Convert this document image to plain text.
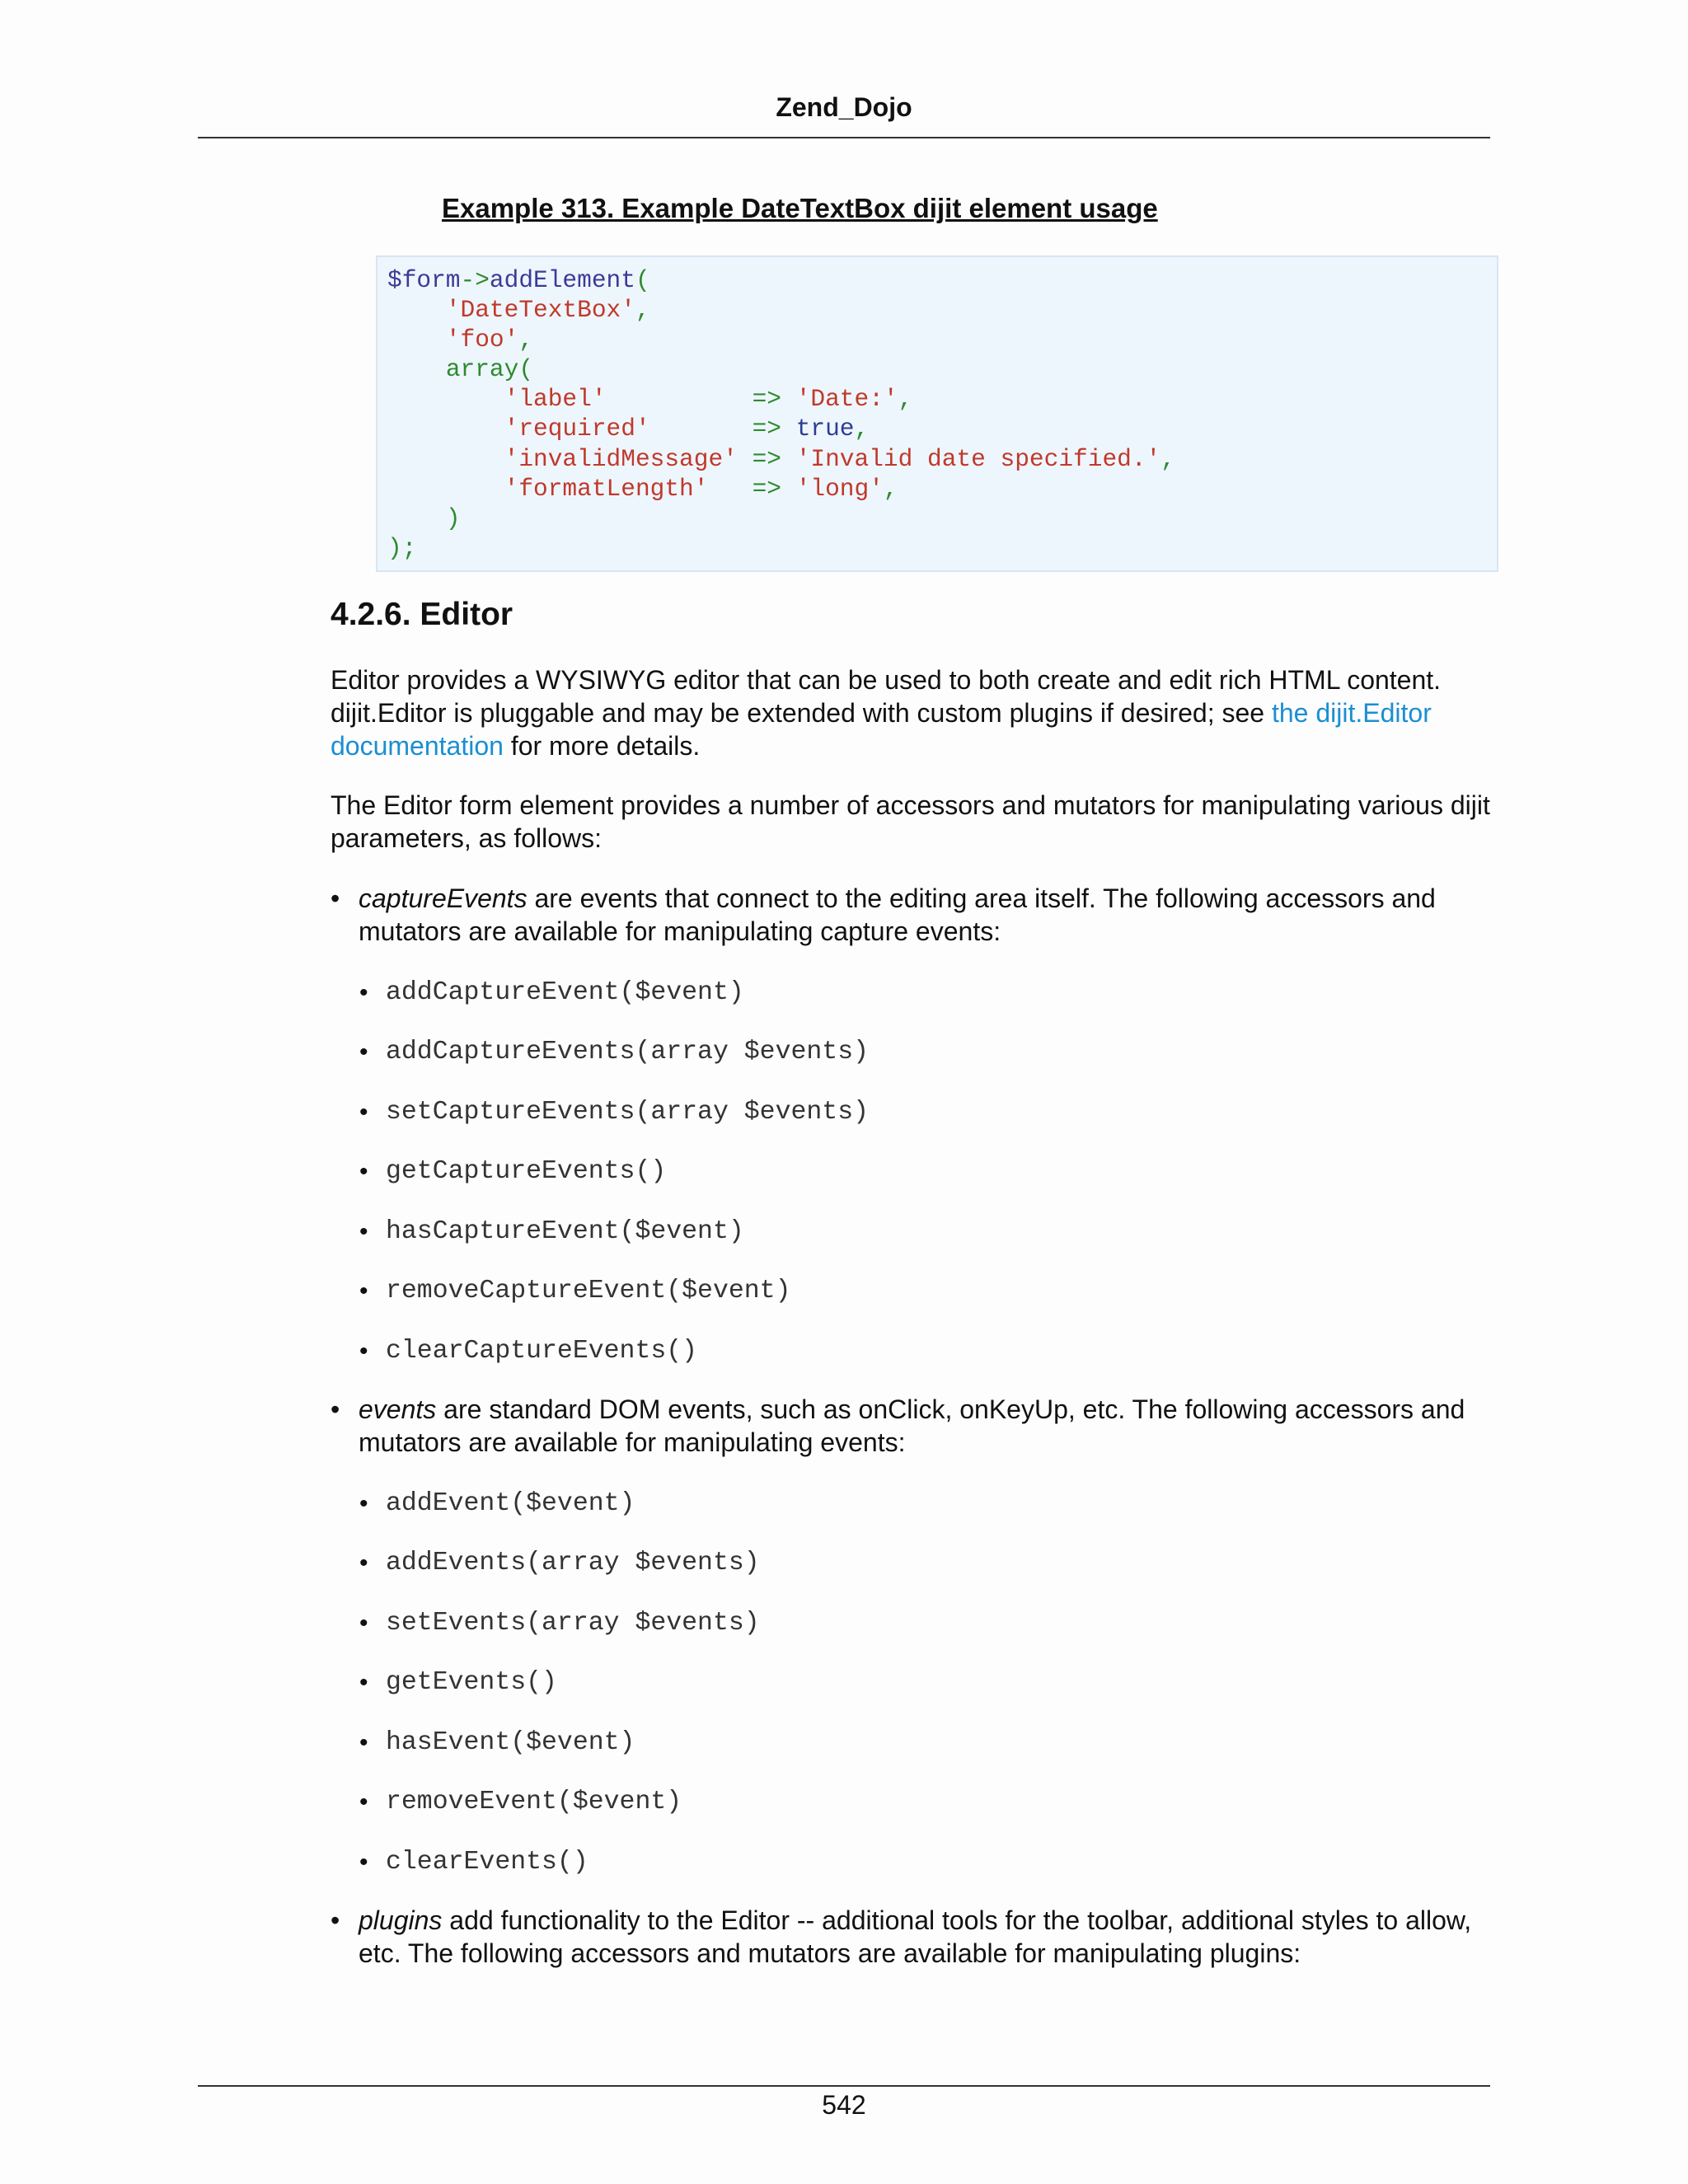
Zend_Dojo
Example 313. Example DateTextBox dijit element usage
$form->addElement(
'DateTextBox',
'foo',
array(
'label'	=> 'Date:',
'required'	=> true,
'invalidMessage' => 'Invalid date specified.',
'formatLength' => 'long',
)
);
4.2.6. Editor

Editor provides a WYSIWYG editor that can be used to both create and edit rich HTML content. dijit.Editor is pluggable and may be extended with custom plugins if desired; see the dijit.Editor documentation for more details.

The Editor form element provides a number of accessors and mutators for manipulating various dijit parameters, as follows:

• captureEvents are events that connect to the editing area itself. The following accessors and mutators are available for manipulating capture events:
• addCaptureEvent($event)
• addCaptureEvents(array $events)
• setCaptureEvents(array $events)
• getCaptureEvents()
• hasCaptureEvent($event)
• removeCaptureEvent($event)
• clearCaptureEvents()
• events are standard DOM events, such as onClick, onKeyUp, etc. The following accessors and mutators are available for manipulating events:
• addEvent($event)
• addEvents(array $events)
• setEvents(array $events)
• getEvents()
• hasEvent($event)
• removeEvent($event)
• clearEvents()
• plugins add functionality to the Editor -- additional tools for the toolbar, additional styles to allow, etc. The following accessors and mutators are available for manipulating plugins:
542
